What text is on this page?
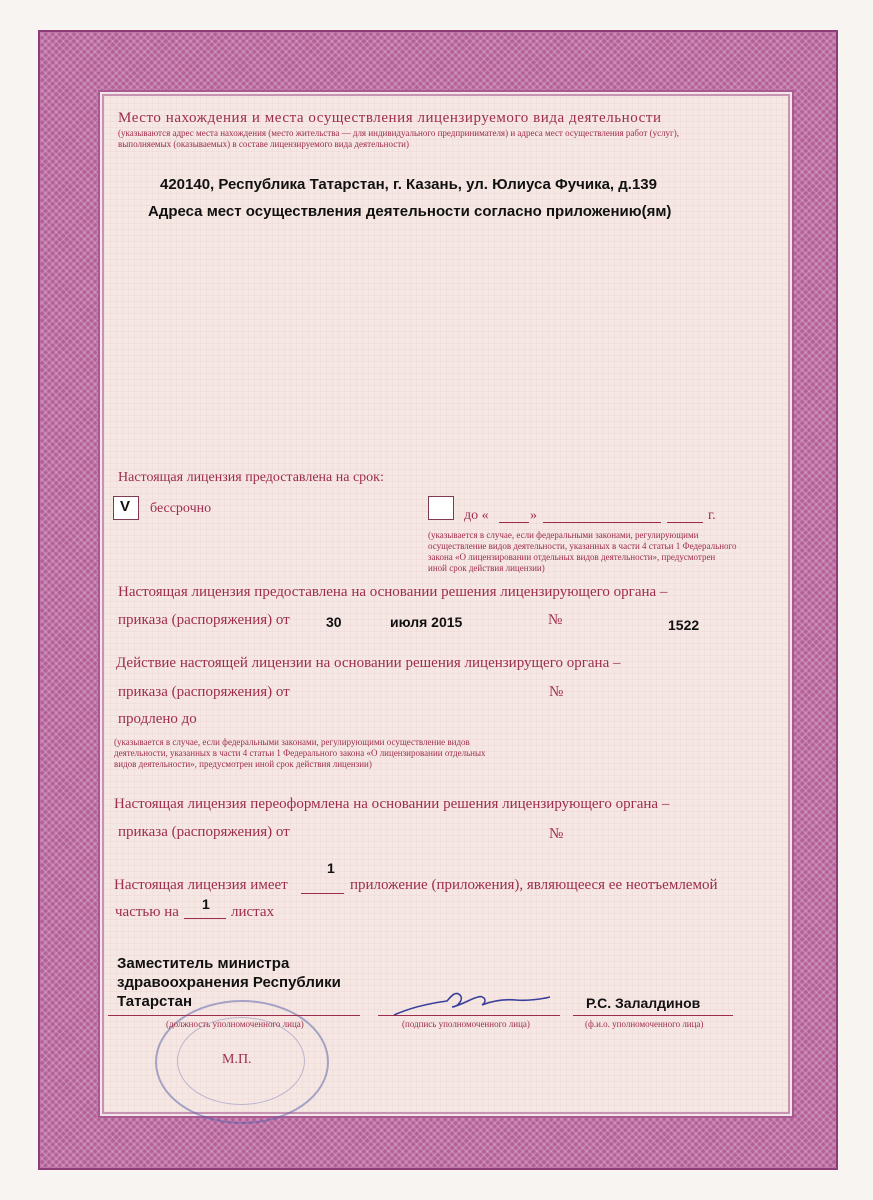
Место нахождения и места осуществления лицензируемого вида деятельности
(указываются адрес места нахождения (место жительства — для индивидуального предпринимателя) и адреса мест осуществления работ (услуг),
выполняемых (оказываемых) в составе лицензируемого вида деятельности)
420140, Республика Татарстан, г. Казань, ул. Юлиуса Фучика, д.139
Адреса мест осуществления деятельности согласно приложению(ям)
Настоящая лицензия предоставлена на срок:
V бессрочно	до «	»	г.
(указывается в случае, если федеральными законами, регулирующими
осуществление видов деятельности, указанных в части 4 статьи 1 Федерального
закона «О лицензировании отдельных видов деятельности», предусмотрен
иной срок действия лицензии)
Настоящая лицензия предоставлена на основании решения лицензирующего органа –
приказа (распоряжения) от	30	июля 2015	№	1522
Действие настоящей лицензии на основании решения лицензирущего органа –
приказа (распоряжения) от	№
продлено до
(указывается в случае, если федеральными законами, регулирующими осуществление видов
деятельности, указанных в части 4 статьи 1 Федерального закона «О лицензировании отдельных
видов деятельности», предусмотрен иной срок действия лицензии)
Настоящая лицензия переоформлена на основании решения лицензирующего органа –
приказа (распоряжения) от	№
1
Настоящая лицензия имеет	приложение (приложения), являющееся ее неотъемлемой
1
частью на	листах
Заместитель министра
здравоохранения Республики
Татарстан
(должность уполномоченного лица)	(подпись уполномоченного лица)
Р.С. Залалдинов
(ф.и.о. уполномоченного лица)
М.П.
